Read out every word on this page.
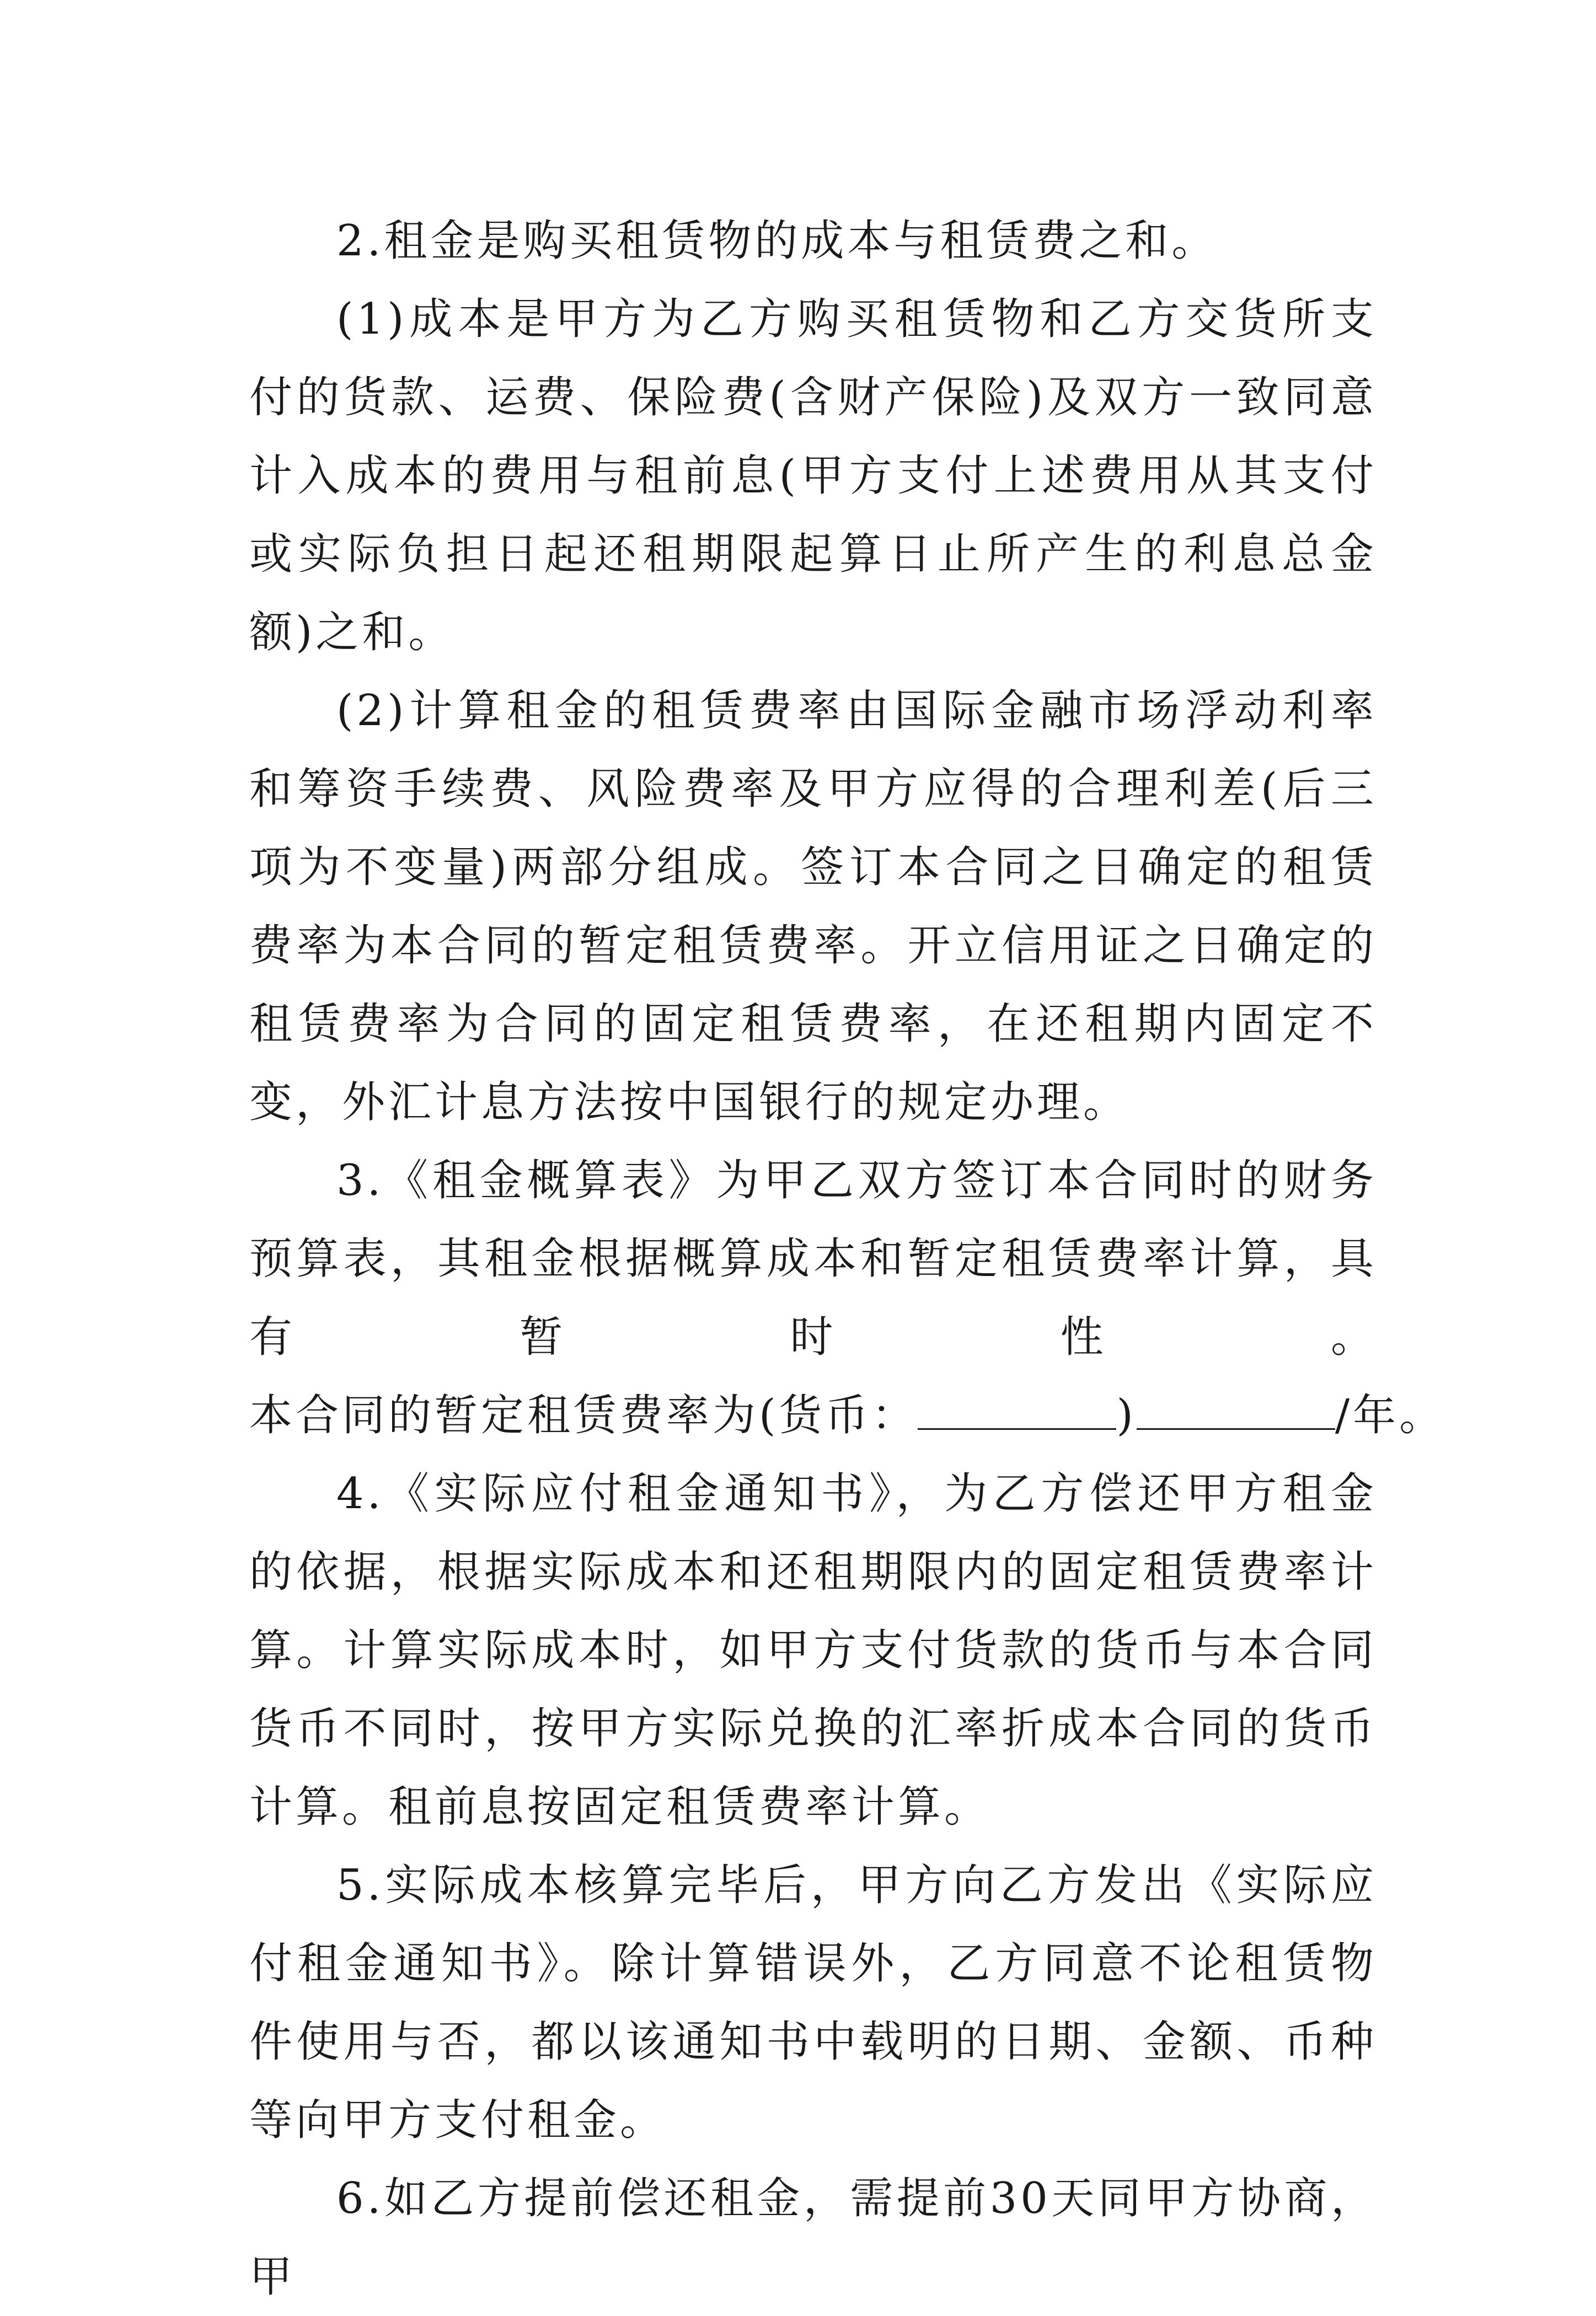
2.租金是购买租赁物的成本与租赁费之和。

(1)成本是甲方为乙方购买租赁物和乙方交货所支付的货款、运费、保险费(含财产保险)及双方一致同意计入成本的费用与租前息(甲方支付上述费用从其支付或实际负担日起还租期限起算日止所产生的利息总金额)之和。

(2)计算租金的租赁费率由国际金融市场浮动利率和筹资手续费、风险费率及甲方应得的合理利差(后三项为不变量)两部分组成。签订本合同之日确定的租赁费率为本合同的暂定租赁费率。开立信用证之日确定的租赁费率为合同的固定租赁费率，在还租期内固定不变，外汇计息方法按中国银行的规定办理。

3.《租金概算表》为甲乙双方签订本合同时的财务预算表，其租金根据概算成本和暂定租赁费率计算，具有暂时性。本合同的暂定租赁费率为(货币：	)	/年。

4.《实际应付租金通知书》，为乙方偿还甲方租金的依据，根据实际成本和还租期限内的固定租赁费率计算。计算实际成本时，如甲方支付货款的货币与本合同货币不同时，按甲方实际兑换的汇率折成本合同的货币计算。租前息按固定租赁费率计算。

5.实际成本核算完毕后，甲方向乙方发出《实际应付租金通知书》。除计算错误外，乙方同意不论租赁物件使用与否，都以该通知书中载明的日期、金额、币种等向甲方支付租金。

6.如乙方提前偿还租金，需提前30天同甲方协商，甲
